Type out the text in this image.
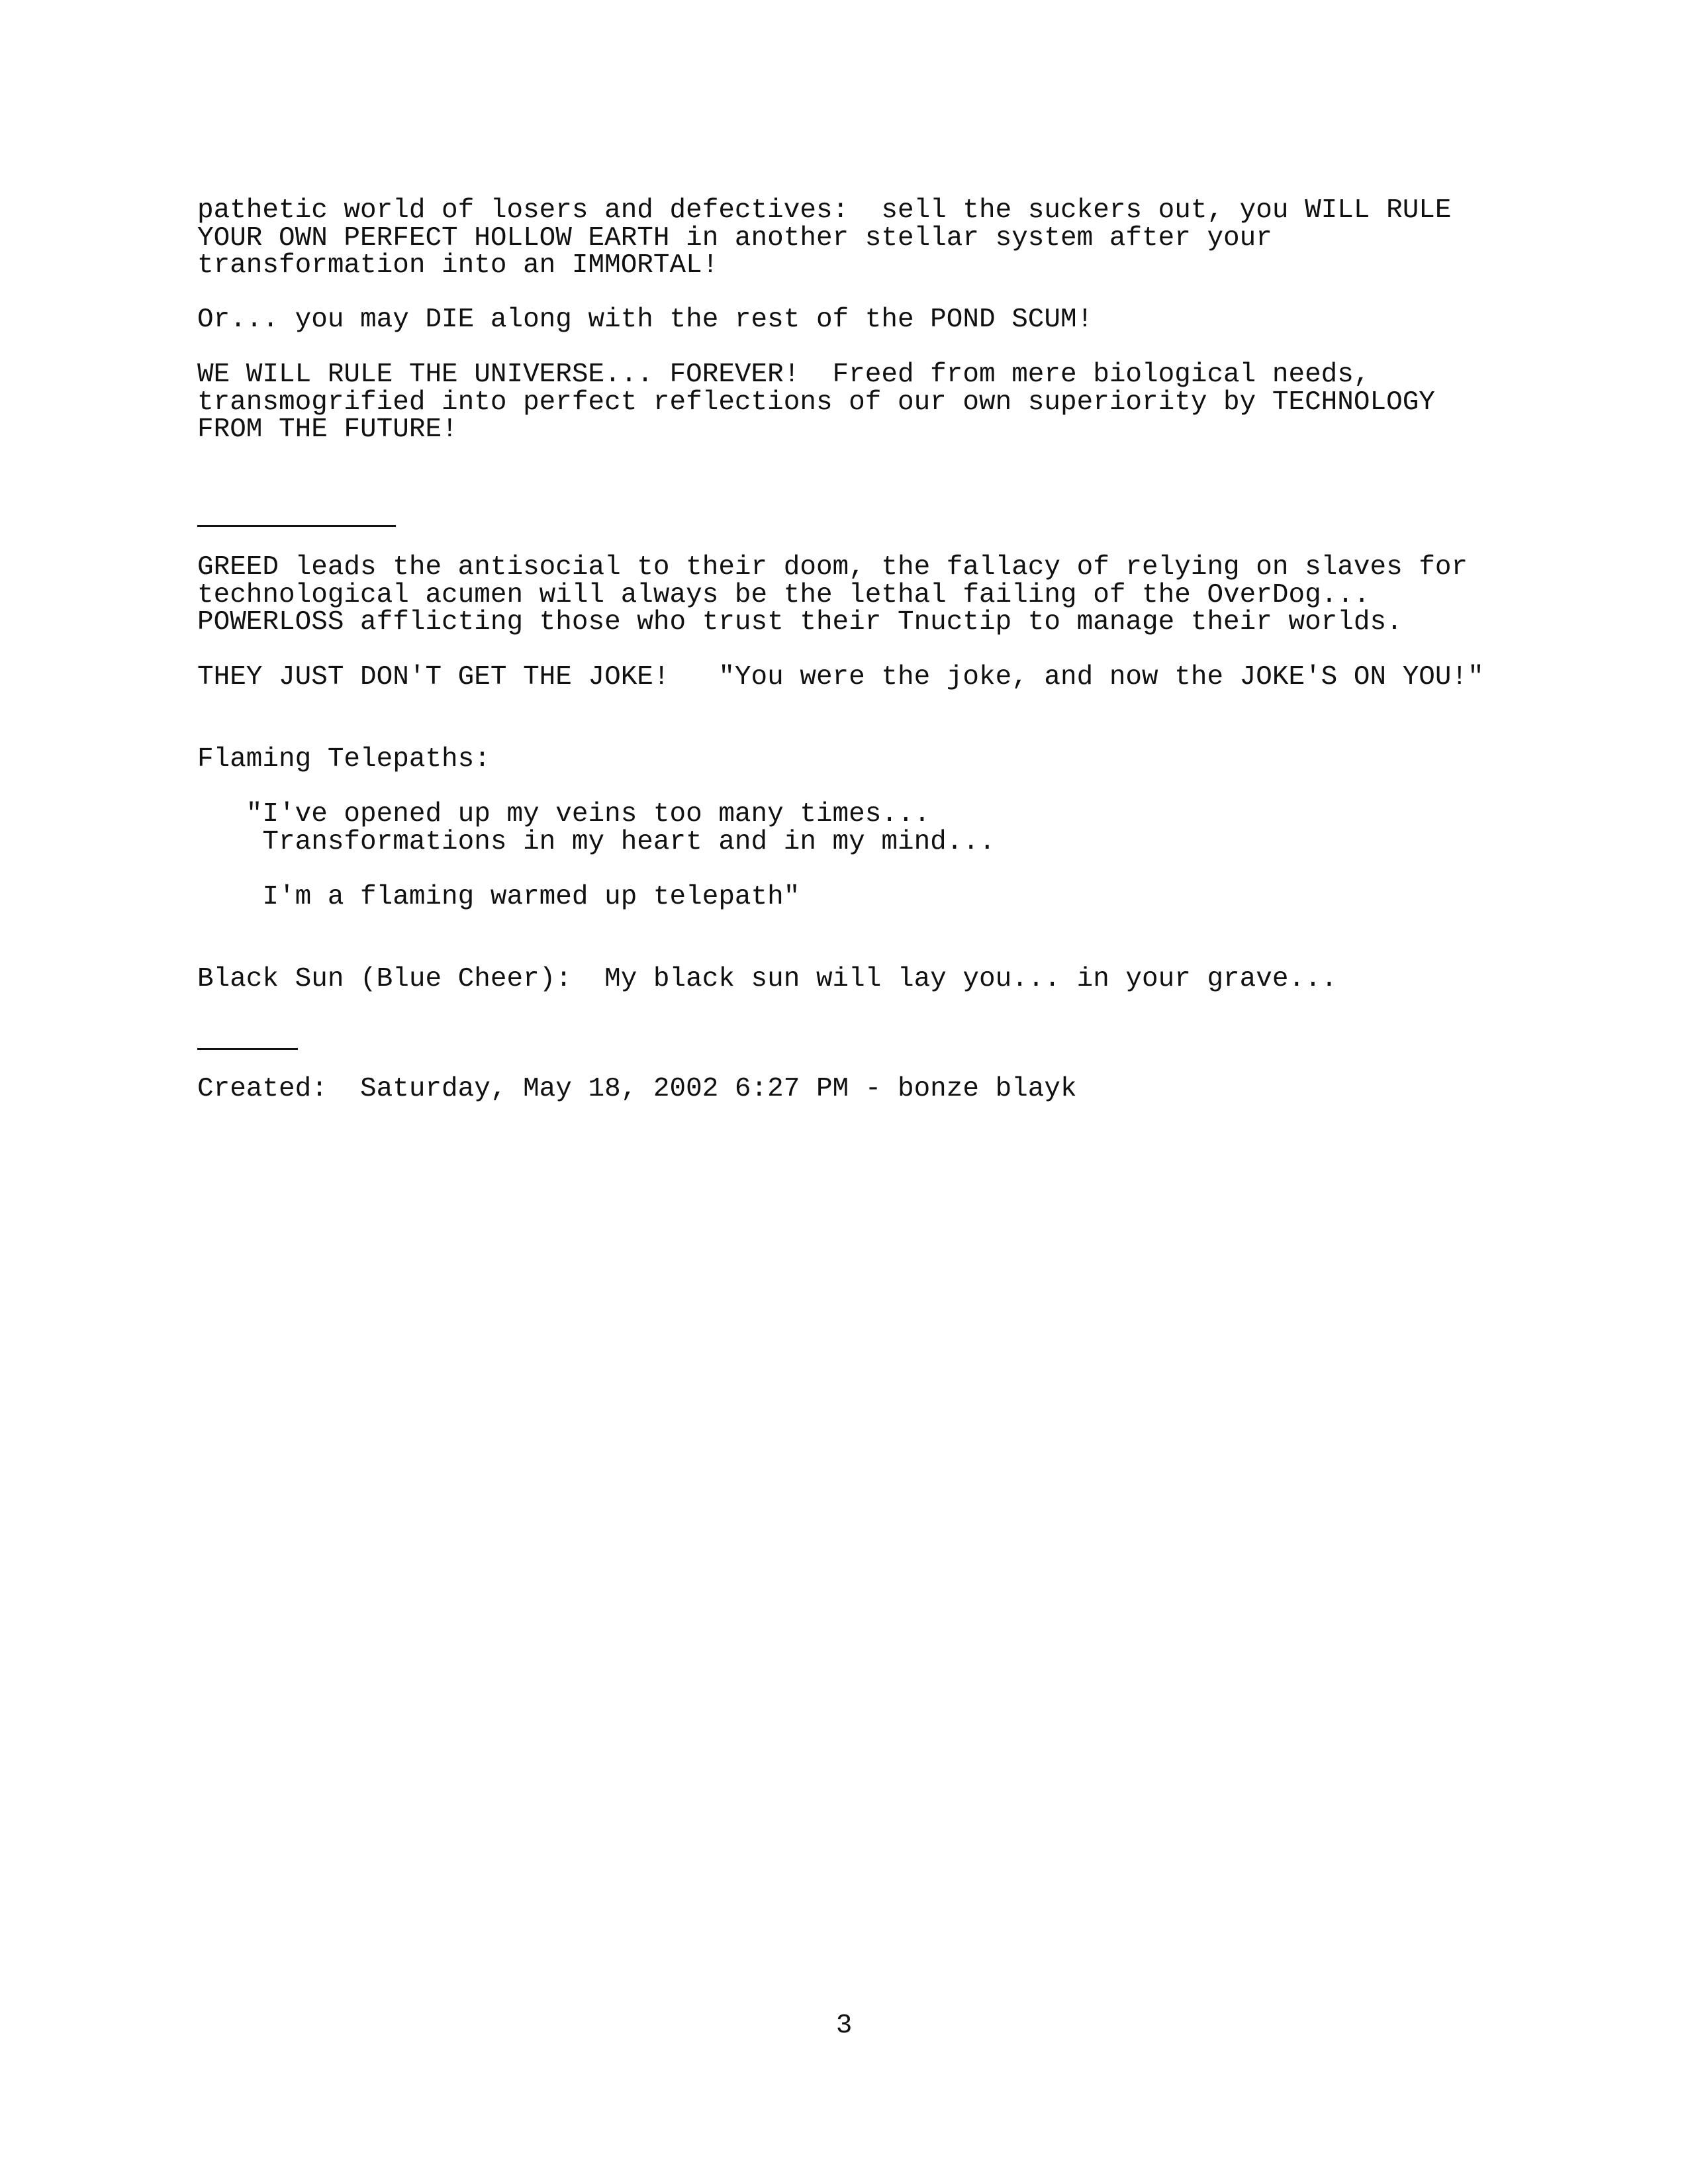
pathetic world of losers and defectives:  sell the suckers out, you WILL RULE
YOUR OWN PERFECT HOLLOW EARTH in another stellar system after your
transformation into an IMMORTAL!
Or... you may DIE along with the rest of the POND SCUM!
WE WILL RULE THE UNIVERSE... FOREVER!  Freed from mere biological needs,
transmogrified into perfect reflections of our own superiority by TECHNOLOGY
FROM THE FUTURE!
GREED leads the antisocial to their doom, the fallacy of relying on slaves for
technological acumen will always be the lethal failing of the OverDog...
POWERLOSS afflicting those who trust their Tnuctip to manage their worlds.
THEY JUST DON'T GET THE JOKE!   "You were the joke, and now the JOKE'S ON YOU!"
Flaming Telepaths:
"I've opened up my veins too many times...
Transformations in my heart and in my mind...
I'm a flaming warmed up telepath"
Black Sun (Blue Cheer):  My black sun will lay you... in your grave...
Created:  Saturday, May 18, 2002 6:27 PM - bonze blayk
3
